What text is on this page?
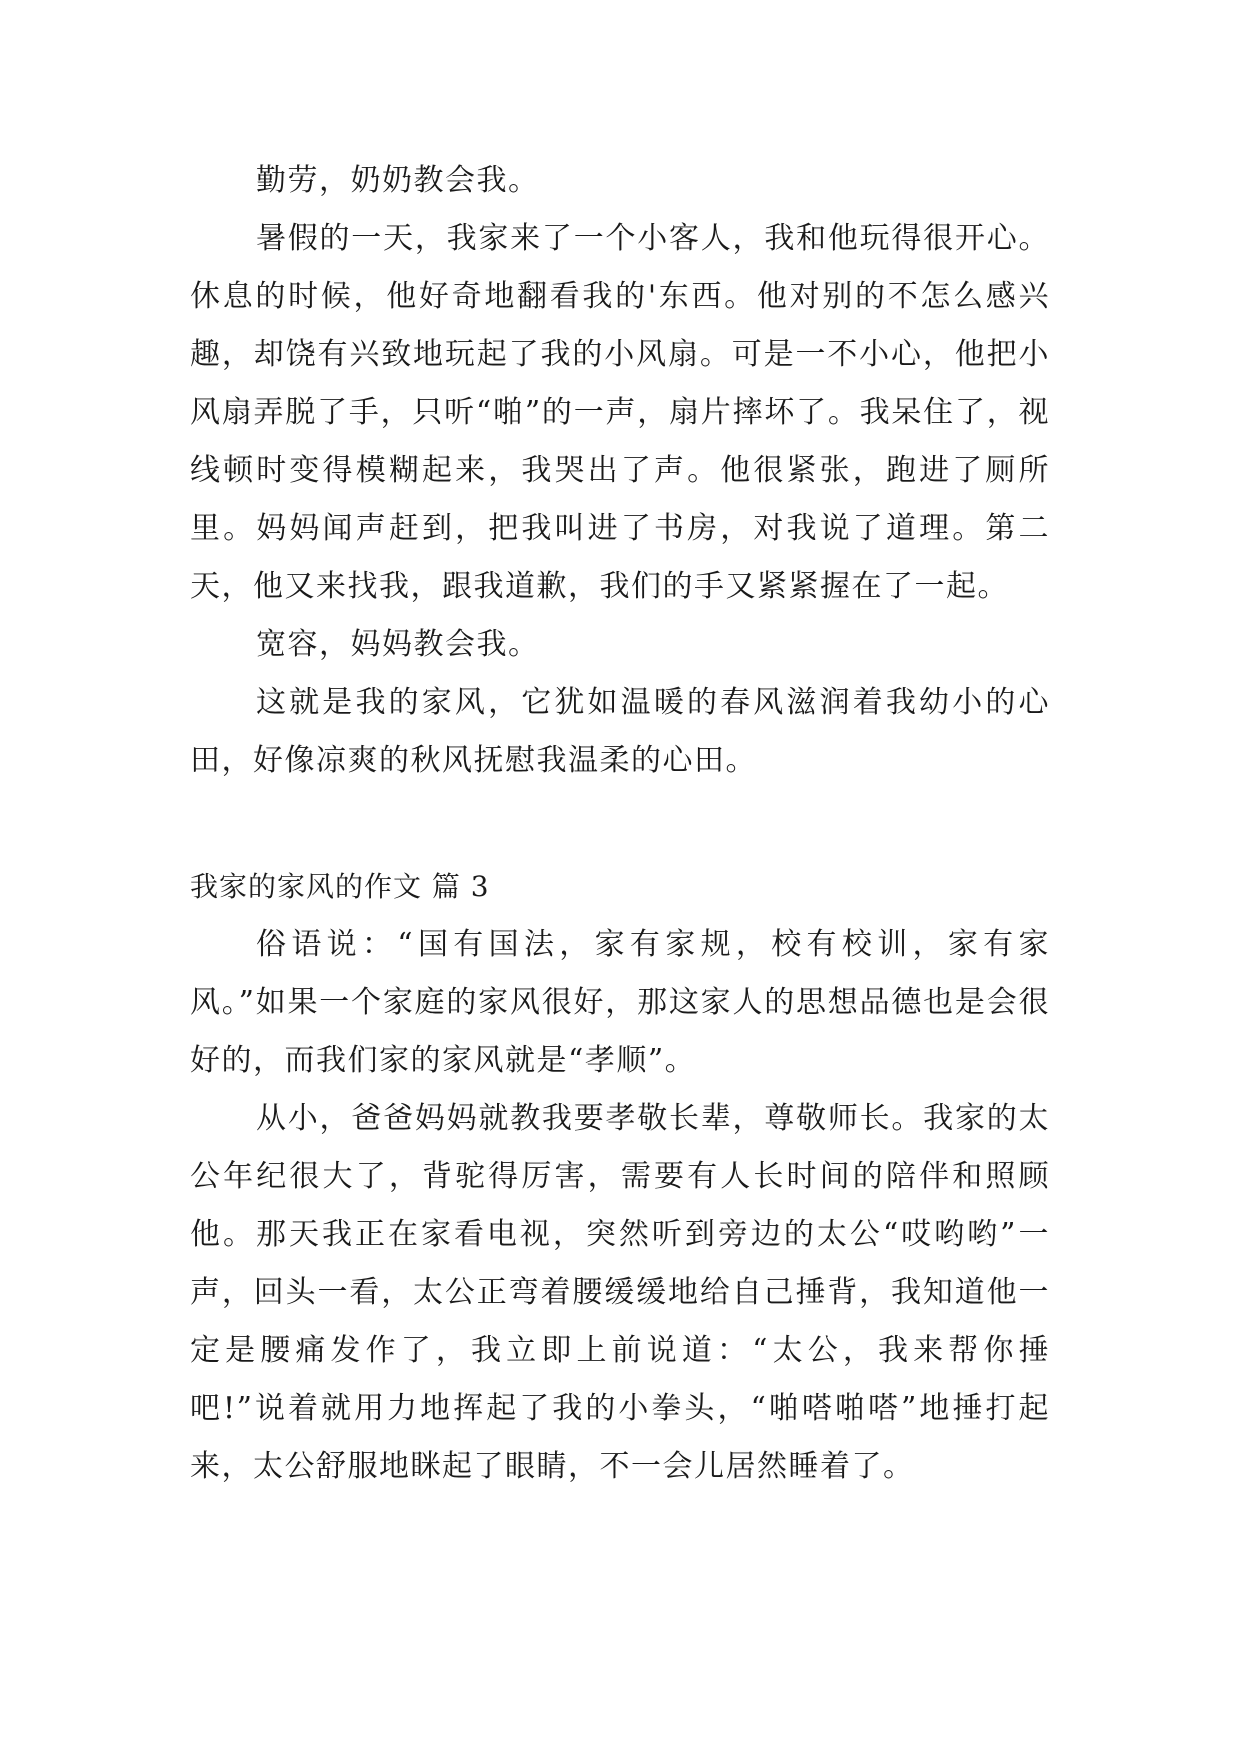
勤劳，奶奶教会我。

暑假的一天，我家来了一个小客人，我和他玩得很开心。休息的时候，他好奇地翻看我的'东西。他对别的不怎么感兴趣，却饶有兴致地玩起了我的小风扇。可是一不小心，他把小风扇弄脱了手，只听“啪”的一声，扇片摔坏了。我呆住了，视线顿时变得模糊起来，我哭出了声。他很紧张，跑进了厕所里。妈妈闻声赶到，把我叫进了书房，对我说了道理。第二天，他又来找我，跟我道歉，我们的手又紧紧握在了一起。

宽容，妈妈教会我。

这就是我的家风，它犹如温暖的春风滋润着我幼小的心田，好像凉爽的秋风抚慰我温柔的心田。

我家的家风的作文 篇 3

俗语说：“国有国法，家有家规，校有校训，家有家风。”如果一个家庭的家风很好，那这家人的思想品德也是会很好的，而我们家的家风就是“孝顺”。

从小，爸爸妈妈就教我要孝敬长辈，尊敬师长。我家的太公年纪很大了，背驼得厉害，需要有人长时间的陪伴和照顾他。那天我正在家看电视，突然听到旁边的太公“哎哟哟”一声，回头一看，太公正弯着腰缓缓地给自己捶背，我知道他一定是腰痛发作了，我立即上前说道：“太公，我来帮你捶吧!”说着就用力地挥起了我的小拳头，“啪嗒啪嗒”地捶打起来，太公舒服地眯起了眼睛，不一会儿居然睡着了。
